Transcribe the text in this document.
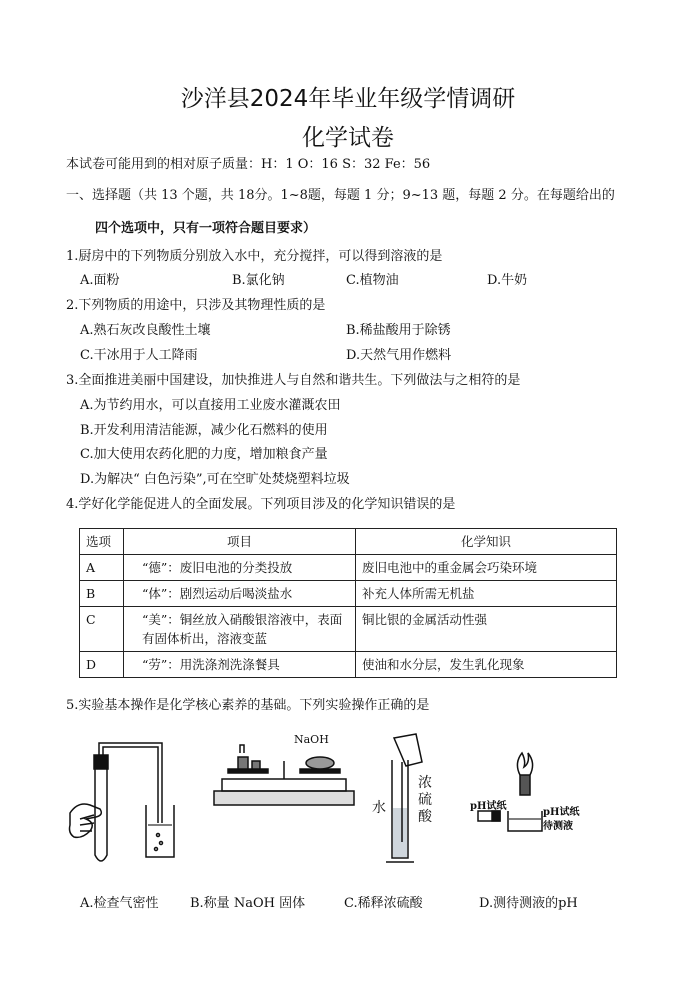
沙洋县2024年毕业年级学情调研
化学试卷
本试卷可能用到的相对原子质量：H：1 O：16 S：32 Fe：56
一、选择题（共 13 个题，共 18分。1~8题，每题 1 分；9~13 题，每题 2 分。在每题给出的
四个选项中，只有一项符合题目要求）
1.厨房中的下列物质分别放入水中，充分搅拌，可以得到溶液的是
A.面粉	B.氯化钠	C.植物油	D.牛奶
2.下列物质的用途中，只涉及其物理性质的是
A.熟石灰改良酸性土壤	B.稀盐酸用于除锈
C.干冰用于人工降雨	D.天然气用作燃料
3.全面推进美丽中国建设，加快推进人与自然和谐共生。下列做法与之相符的是
A.为节约用水，可以直接用工业废水灌溉农田
B.开发利用清洁能源，减少化石燃料的使用
C.加大使用农药化肥的力度，增加粮食产量
D.为解决“ 白色污染”,可在空旷处焚烧塑料垃圾
4.学好化学能促进人的全面发展。下列项目涉及的化学知识错误的是
选项	项目	化学知识
A	“德”：废旧电池的分类投放	废旧电池中的重金属会巧染环境
B	“体”：剧烈运动后喝淡盐水	补充人体所需无机盐
C	“美”：铜丝放入硝酸银溶液中，表面有固体析出，溶液变蓝	铜比银的金属活动性强
D	“劳”：用洗涤剂洗涤餐具	使油和水分层，发生乳化现象
5.实验基本操作是化学核心素养的基础。下列实验操作正确的是
A.检查气密性
NaOH
B.称量 NaOH 固体
水
浓硫酸
C.稀释浓硫酸
pH试纸
pH试纸
待测液
D.测待测液的pH
